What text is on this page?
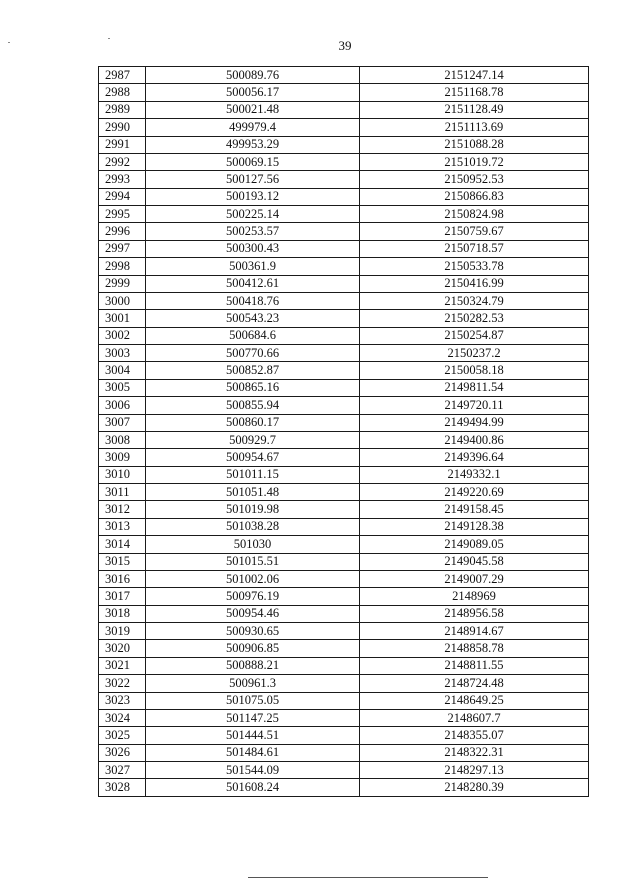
39
2987	500089.76	2151247.14
2988	500056.17	2151168.78
2989	500021.48	2151128.49
2990	499979.4	2151113.69
2991	499953.29	2151088.28
2992	500069.15	2151019.72
2993	500127.56	2150952.53
2994	500193.12	2150866.83
2995	500225.14	2150824.98
2996	500253.57	2150759.67
2997	500300.43	2150718.57
2998	500361.9	2150533.78
2999	500412.61	2150416.99
3000	500418.76	2150324.79
3001	500543.23	2150282.53
3002	500684.6	2150254.87
3003	500770.66	2150237.2
3004	500852.87	2150058.18
3005	500865.16	2149811.54
3006	500855.94	2149720.11
3007	500860.17	2149494.99
3008	500929.7	2149400.86
3009	500954.67	2149396.64
3010	501011.15	2149332.1
3011	501051.48	2149220.69
3012	501019.98	2149158.45
3013	501038.28	2149128.38
3014	501030	2149089.05
3015	501015.51	2149045.58
3016	501002.06	2149007.29
3017	500976.19	2148969
3018	500954.46	2148956.58
3019	500930.65	2148914.67
3020	500906.85	2148858.78
3021	500888.21	2148811.55
3022	500961.3	2148724.48
3023	501075.05	2148649.25
3024	501147.25	2148607.7
3025	501444.51	2148355.07
3026	501484.61	2148322.31
3027	501544.09	2148297.13
3028	501608.24	2148280.39
